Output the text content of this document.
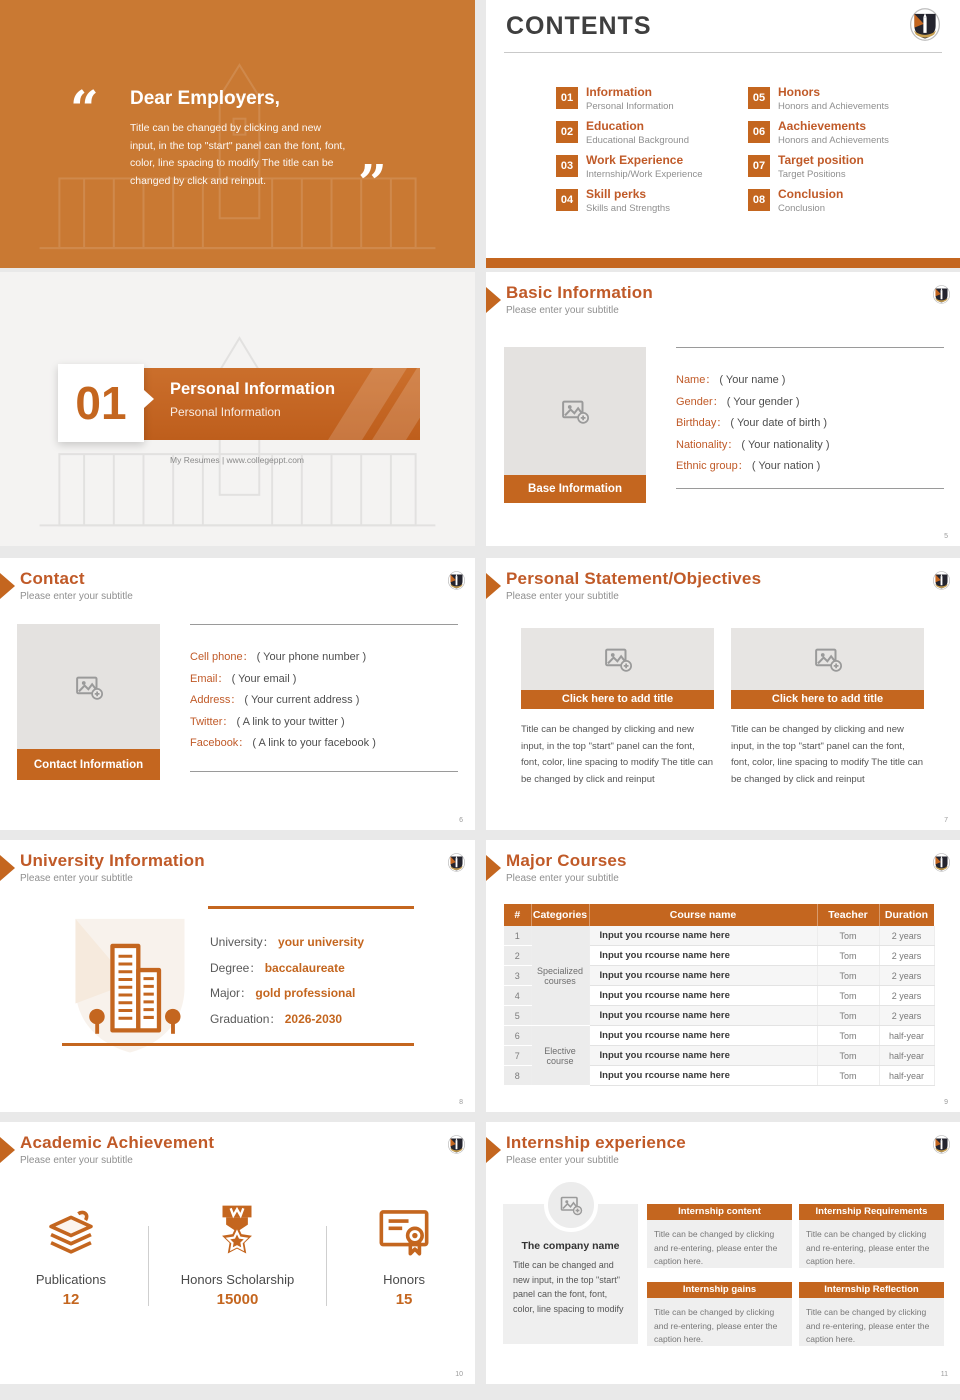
“ Dear Employers,
Title can be changed by clicking and new input, in the top "start" panel can the font, font, color, line spacing to modify The title can be changed by click and reinput.	”
CONTENTS
01	Information
Personal Information
02	Education
Educational Background
03	Work Experience
Internship/Work Experience
04	Skill perks
Skills and Strengths
05	Honors
Honors and Achievements
06	Aachievements
Honors and Achievements
07	Target position
Target Positions
08	Conclusion
Conclusion
Personal Information
Personal Information
01
My Resumes | www.collegeppt.com
Basic Information
Please enter your subtitle
Base Information
Name： ( Your name )
Gender： ( Your gender )
Birthday： ( Your date of birth )
Nationality： ( Your nationality )
Ethnic group： ( Your nation )
5
Contact
Please enter your subtitle
Contact Information
Cell phone： ( Your phone number )
Email： ( Your email )
Address： ( Your current address )
Twitter： ( A link to your twitter )
Facebook： ( A link to your facebook )
6
Personal Statement/Objectives
Please enter your subtitle
Click here to add title
Title can be changed by clicking and new input, in the top "start" panel can the font, font, color, line spacing to modify The title can be changed by click and reinput
Click here to add title
Title can be changed by clicking and new input, in the top "start" panel can the font, font, color, line spacing to modify The title can be changed by click and reinput
7
University Information
Please enter your subtitle
University： your university
Degree： baccalaureate
Major： gold professional
Graduation： 2026-2030
8
Major Courses
Please enter your subtitle
#	Categories	Course name	Teacher	Duration
1	Specialized courses	Input you rcourse name here	Tom	2 years
2		Input you rcourse name here	Tom	2 years
3		Input you rcourse name here	Tom	2 years
4		Input you rcourse name here	Tom	2 years
5		Input you rcourse name here	Tom	2 years
6	Elective course	Input you rcourse name here	Tom	half-year
7		Input you rcourse name here	Tom	half-year
8		Input you rcourse name here	Tom	half-year
9
Academic Achievement
Please enter your subtitle
Publications
12
Honors Scholarship
15000
Honors
15
10
Internship experience
Please enter your subtitle
The company name
Title can be changed and new input, in the top "start" panel can the font, font, color, line spacing to modify
Internship content
Title can be changed by clicking and re-entering, please enter the caption here.
Internship Requirements
Title can be changed by clicking and re-entering, please enter the caption here.
Internship gains
Title can be changed by clicking and re-entering, please enter the caption here.
Internship Reflection
Title can be changed by clicking and re-entering, please enter the caption here.
11
